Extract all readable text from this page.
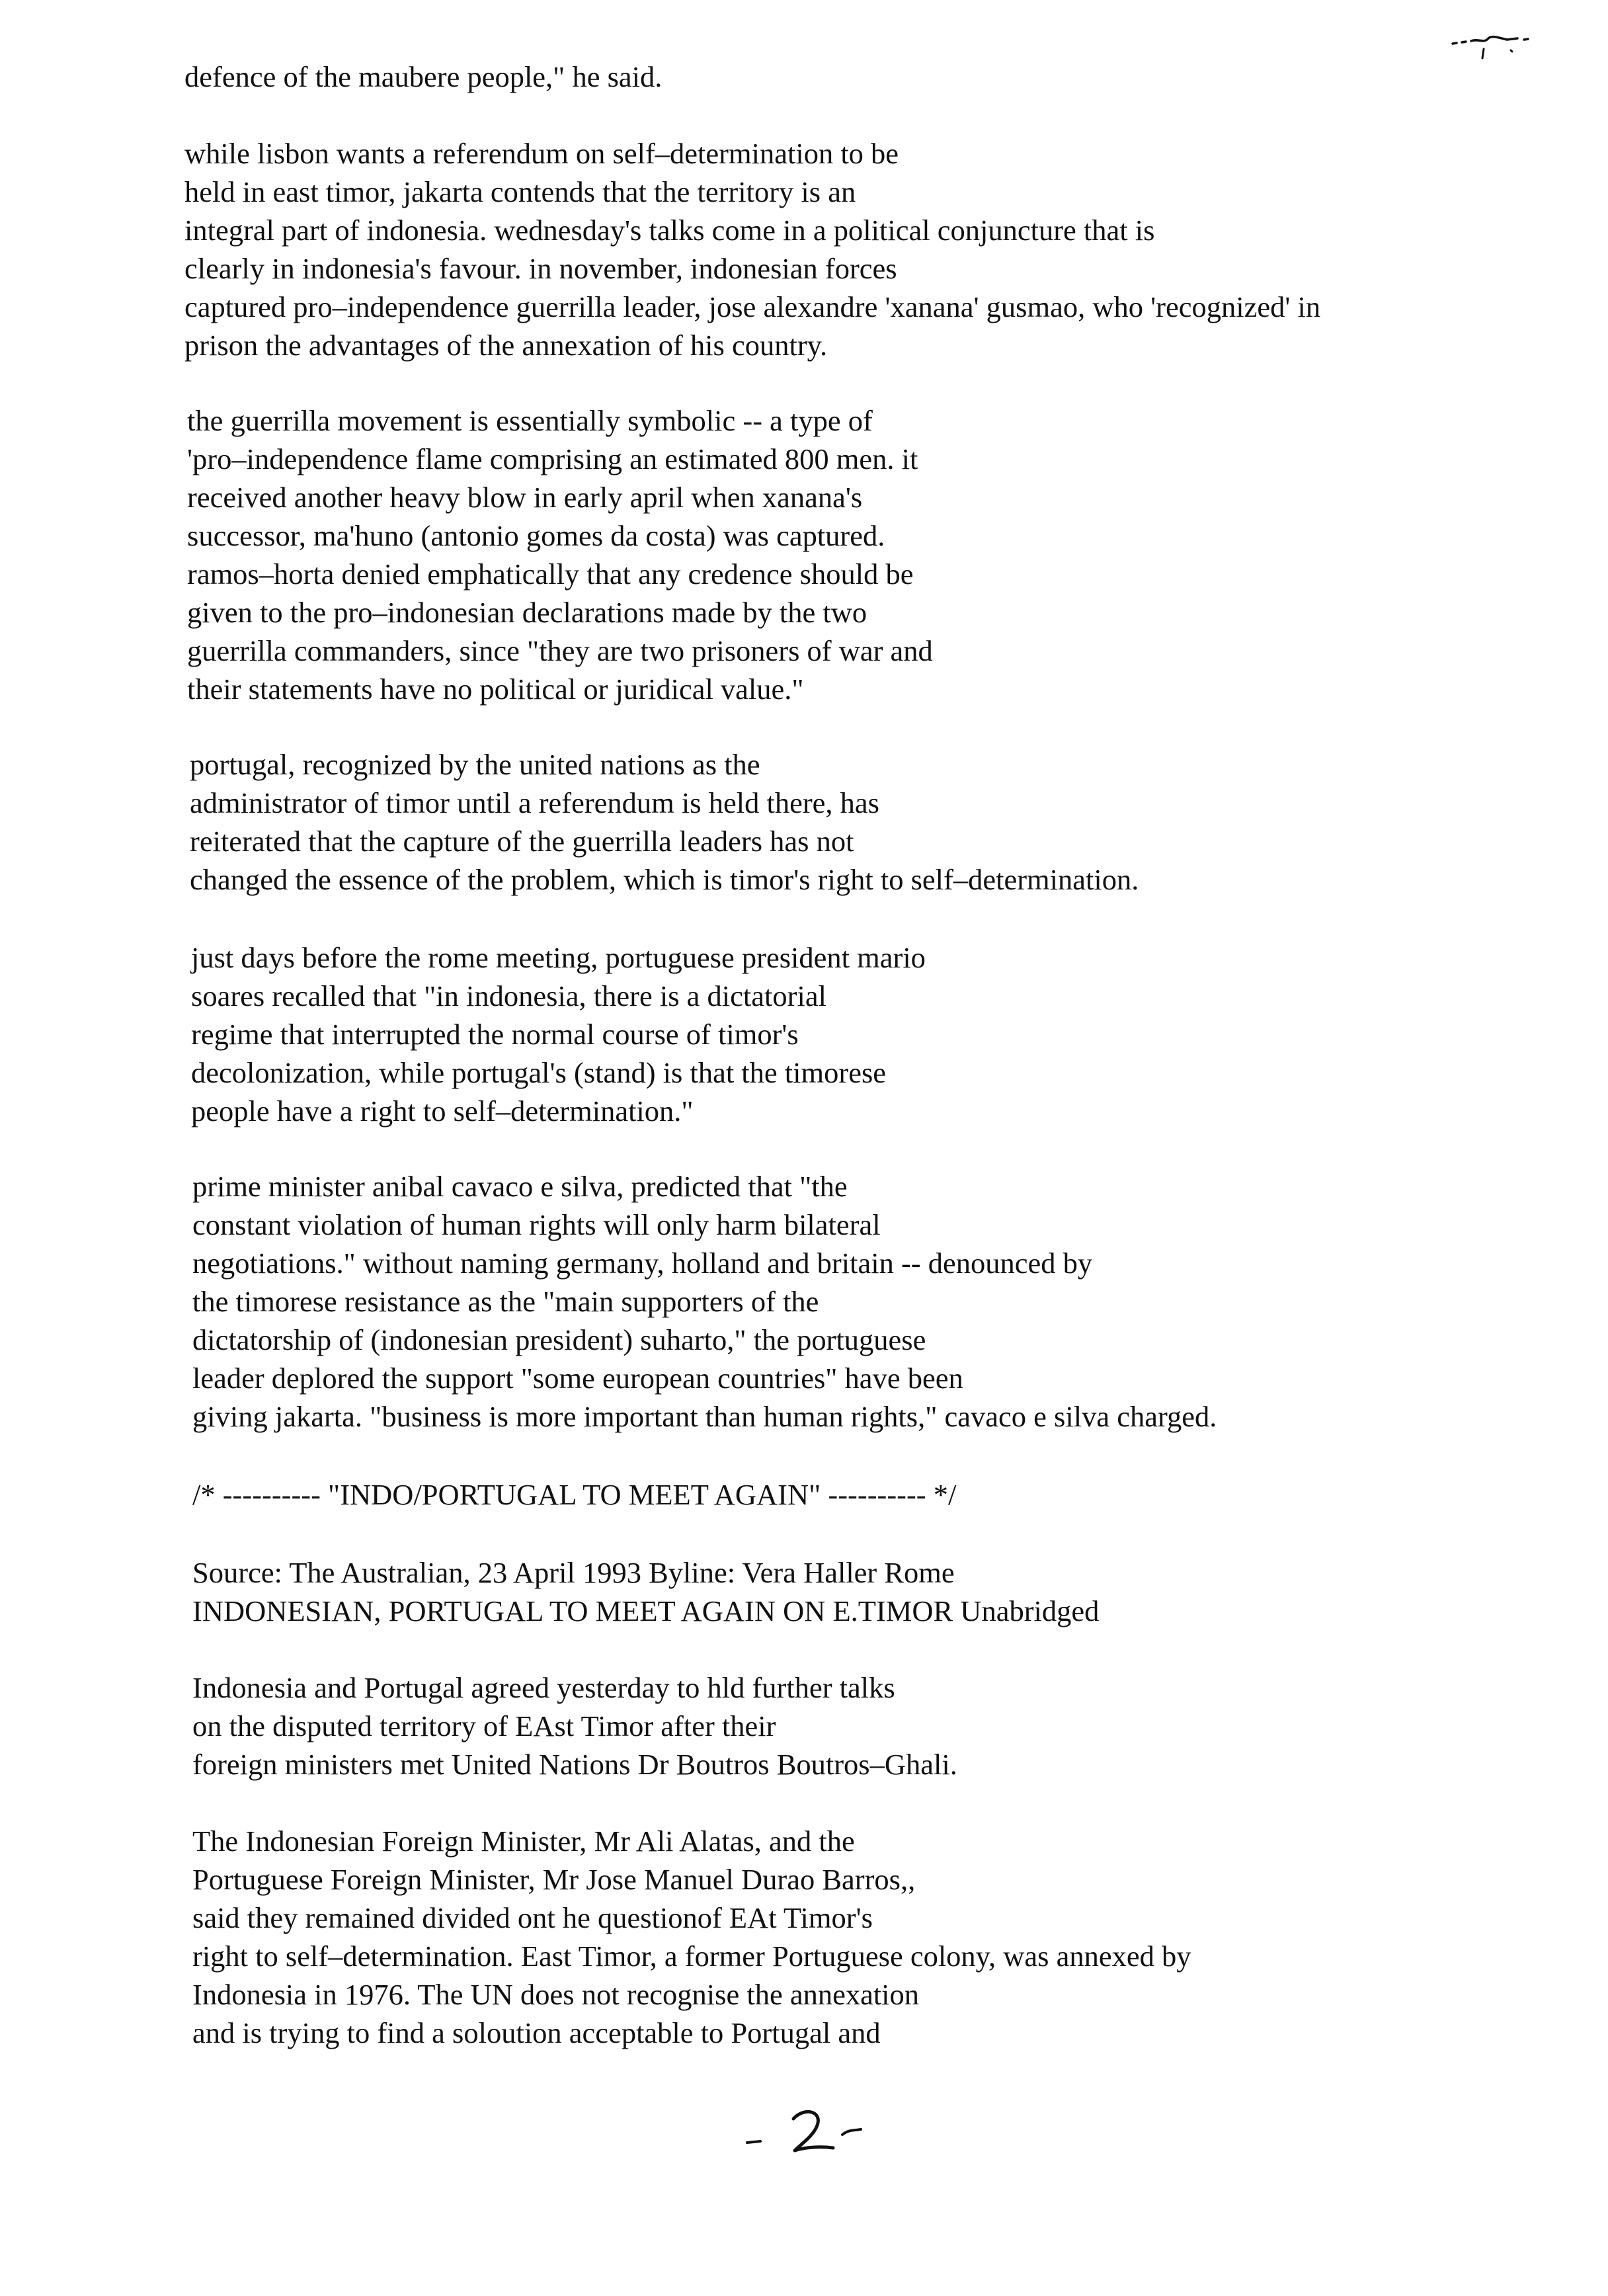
defence of the maubere people," he said.
while lisbon wants a referendum on self–determination to be
held in east timor, jakarta contends that the territory is an
integral part of indonesia. wednesday's talks come in a political conjuncture that is
clearly in indonesia's favour. in november, indonesian forces
captured pro–independence guerrilla leader, jose alexandre 'xanana' gusmao, who 'recognized' in
prison the advantages of the annexation of his country.
the guerrilla movement is essentially symbolic -- a type of
'pro–independence flame comprising an estimated 800 men. it
received another heavy blow in early april when xanana's
successor, ma'huno (antonio gomes da costa) was captured.
ramos–horta denied emphatically that any credence should be
given to the pro–indonesian declarations made by the two
guerrilla commanders, since "they are two prisoners of war and
their statements have no political or juridical value."
portugal, recognized by the united nations as the
administrator of timor until a referendum is held there, has
reiterated that the capture of the guerrilla leaders has not
changed the essence of the problem, which is timor's right to self–determination.
just days before the rome meeting, portuguese president mario
soares recalled that "in indonesia, there is a dictatorial
regime that interrupted the normal course of timor's
decolonization, while portugal's (stand) is that the timorese
people have a right to self–determination."
prime minister anibal cavaco e silva, predicted that "the
constant violation of human rights will only harm bilateral
negotiations." without naming germany, holland and britain -- denounced by
the timorese resistance as the "main supporters of the
dictatorship of (indonesian president) suharto," the portuguese
leader deplored the support "some european countries" have been
giving jakarta. "business is more important than human rights," cavaco e silva charged.
/* ---------- "INDO/PORTUGAL TO MEET AGAIN" ---------- */
Source: The Australian, 23 April 1993 Byline: Vera Haller Rome
INDONESIAN, PORTUGAL TO MEET AGAIN ON E.TIMOR Unabridged
Indonesia and Portugal agreed yesterday to hld further talks
on the disputed territory of EAst Timor after their
foreign ministers met United Nations Dr Boutros Boutros–Ghali.
The Indonesian Foreign Minister, Mr Ali Alatas, and the
Portuguese Foreign Minister, Mr Jose Manuel Durao Barros,,
said they remained divided ont he questionof EAt Timor's
right to self–determination. East Timor, a former Portuguese colony, was annexed by
Indonesia in 1976. The UN does not recognise the annexation
and is trying to find a soloution acceptable to Portugal and
